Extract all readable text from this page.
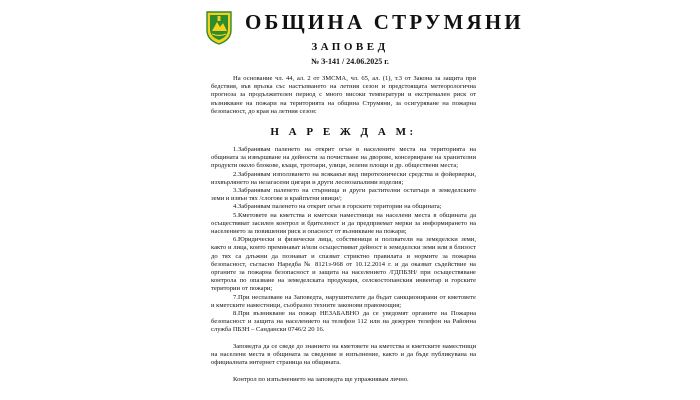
ОБЩИНА СТРУМЯНИ
ЗАПОВЕД
№ З-141 / 24.06.2025 г.

На основание чл. 44, ал. 2 от ЗМСМА, чл. 65, ал. (1), т.3 от Закона за защита при бедствия, във връзка със настъпването на летния сезон и предстоящата метеорологична прогноза за продължителен период с много високи температури и екстремален риск от възникване на пожари на територията на община Струмяни, за осигуряване на пожарна безопасност, до края на летния сезон:

Н А Р Е Ж Д А М:

1.Забранявам паленето на открит огън в населените места на територията на общината за извършване на дейности за почистване на дворове, консервиране на хранителни продукти около блокове, къщи, тротоари, улици, зелени площи и др. обществени места;

2.Забранявам използването на всякакъв вид пиротехнически средства и фойерверки, изхвърлянето на незагасени цигари и други леснозапалими изделия;

3.Забранявам паленето на стърнища и други растителни остатъци в земеделските земи и извън тях /слогове и крайпътни ивици/;

4.Забранявам паленето на открит огън в горските територии на общината;

5.Кметовете на кметства и кметски наместници на населени места в общината да осъществяват засилен контрол и бдителност и да предприемат мерки за информирането на населението за повишения риск и опасност от възникване на пожари;

6.Юридически и физически лица, собственици и ползватели на земеделски земи, както и лица, които преминават и/или осъществяват дейност в земеделски земи или в близост до тях са длъжни да познават и спазват стриктно правилата и нормите за пожарна безопасност, съгласно Наредба № 8121з-968 от 10.12.2014 г. и да оказват съдействие на органите за пожарна безопасност и защита на населението /ГДПБЗН/ при осъществяване контрола по опазване на земеделската продукция, селскостопанския инвентар и горските територии от пожари;

7.При неспазване на Заповедта, нарушителите да бъдат санкционирани от кметовете и кметските наместници, съобразно техните законови правомощия;

8.При възникване на пожар НЕЗАБАВНО да се уведомят органите на Пожарна безопасност и защита на населението на телефон 112 или на дежурен телефон на Районна служба ПБЗН – Сандански 0746/2 20 16.

Заповедта да се сведе до знанието на кметовете на кметства и кметските наместници на населени места в общината за сведение и изпълнение, както и да бъде публикувана на официалната интернет страница на общината.

Контрол по изпълнението на заповедта ще упражнявам лично.
